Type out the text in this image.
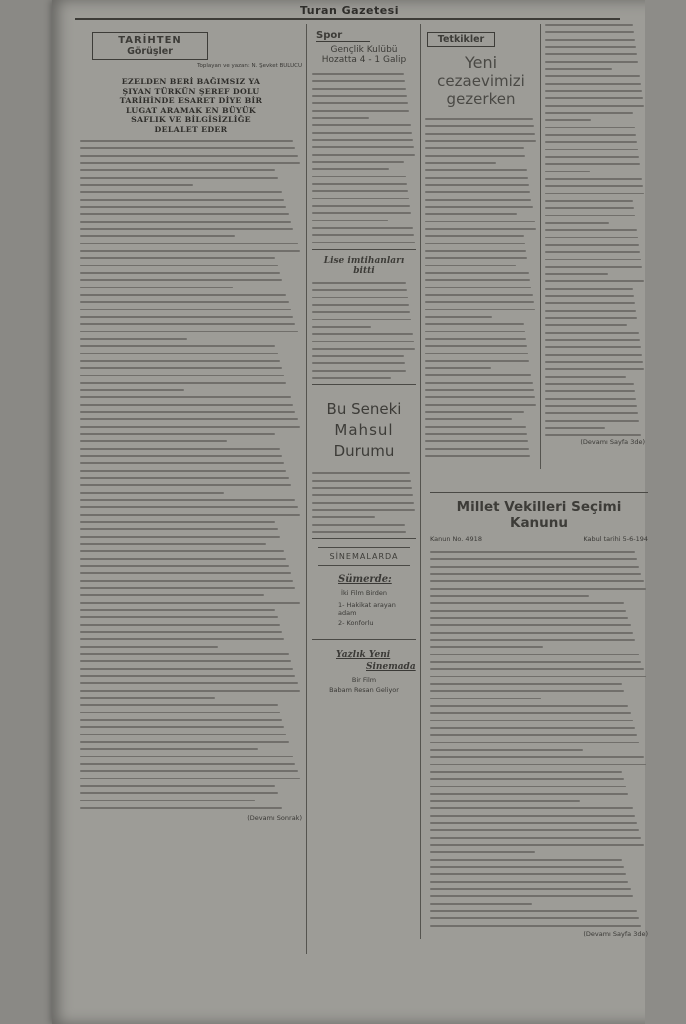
Turan Gazetesi
TARİHTEN
Görüşler
Toplayan ve yazan: N. Şevket BULUCU
EZELDEN BERİ BAĞIMSIZ YA
ŞIYAN TÜRKÜN ŞEREF DOLU
TARİHİNDE ESARET DİYE BİR
LUGAT ARAMAK EN BÜYÜK
SAFLIK VE BİLGİSİZLİĞE
DELALET EDER
(Devamı Sonrak)
Spor
Gençlik Kulübü
Hozatta 4 - 1 Galip
Lise imtihanları
bitti
Bu Seneki
Mahsul
Durumu
SİNEMALARDA
Sümerde:
İki Film Birden
1- Hakikat arayan adam
2- Konforlu
Yazlık Yeni
Sinemada
Bir Film
Babam Resan Geliyor
Tetkikler
Yeni
cezaevimizi
gezerken
(Devamı Sayfa 3de)
Millet Vekilleri Seçimi
Kanunu
Kanun No. 4918	Kabul tarihi 5-6-194
(Devamı Sayfa 3de)
